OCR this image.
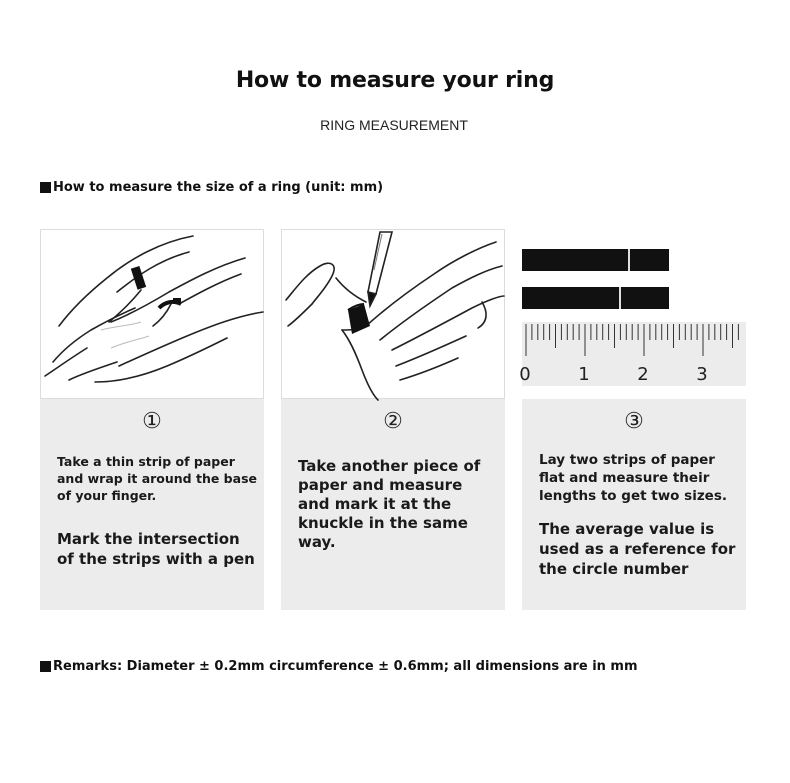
How to measure your ring
RING MEASUREMENT
How to measure the size of a ring (unit: mm)
①
Take a thin strip of paper and wrap it around the base of your finger.
Mark the intersection of the strips with a pen
②
Take another piece of paper and measure and mark it at the knuckle in the same way.
0	1	2	3
③
Lay two strips of paper flat and measure their lengths to get two sizes.
The average value is used as a reference for the circle number
Remarks: Diameter ± 0.2mm circumference ± 0.6mm; all dimensions are in mm
